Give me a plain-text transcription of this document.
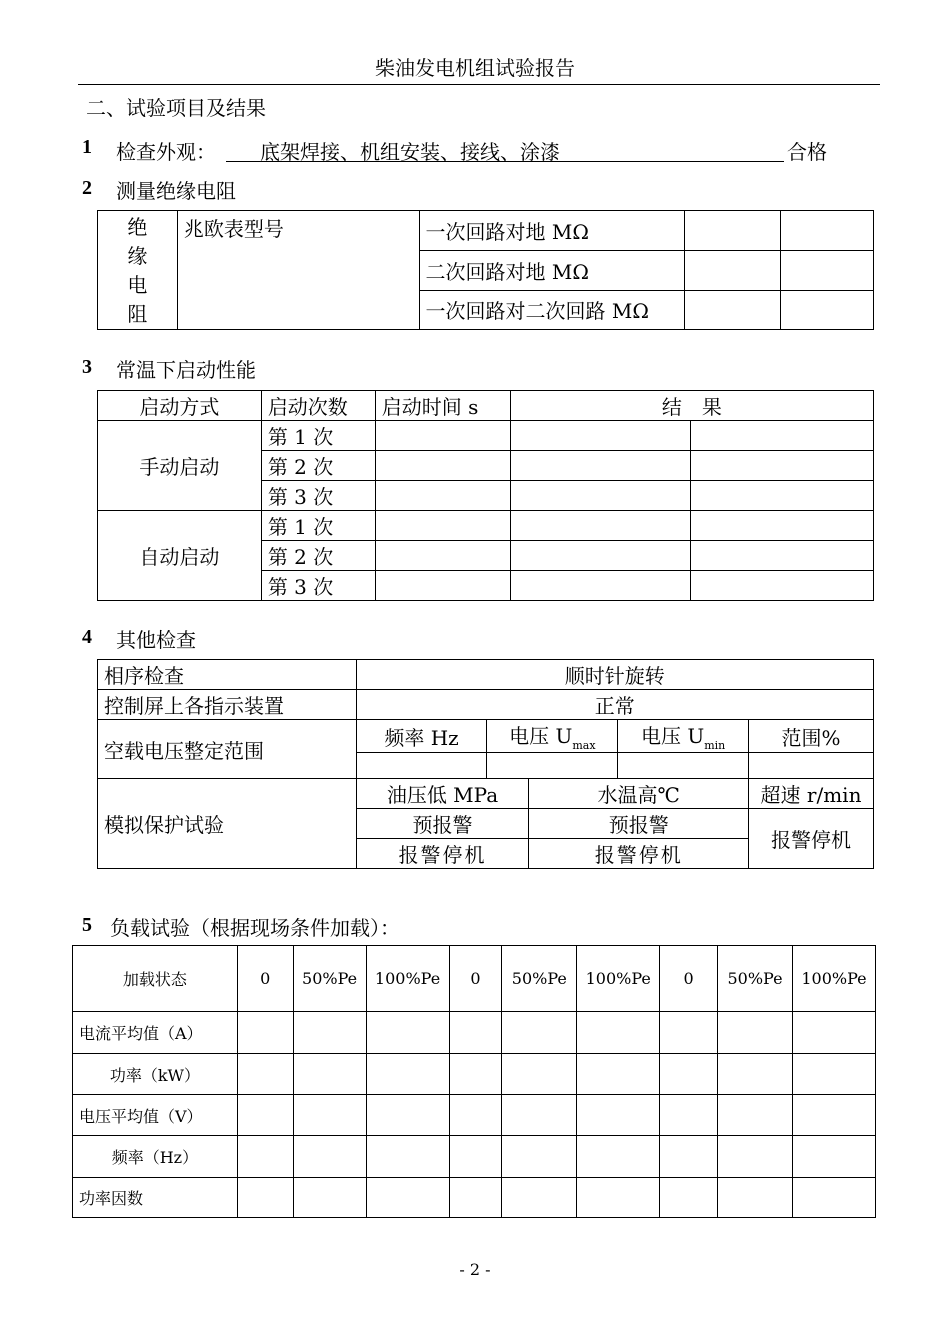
柴油发电机组试验报告
二、试验项目及结果
1 检查外观：	底架焊接、机组安装、接线、涂漆	合格
2 测量绝缘电阻
绝
缘
电
阻	兆欧表型号	一次回路对地 MΩ		
		二次回路对地 MΩ		
		一次回路对二次回路 MΩ		
3 常温下启动性能
启动方式	启动次数	启动时间 s	结　果	
手动启动	第 1 次			
	第 2 次			
	第 3 次			
自动启动	第 1 次			
	第 2 次			
	第 3 次			
4 其他检查
相序检查	顺时针旋转				
控制屏上各指示装置	正常				
空载电压整定范围	频率 Hz	电压 $U_{max}$		电压 $U_{min}$	范围%

模拟保护试验	油压低 MPa		水温高℃		超速 r/min
	预报警		预报警		报警停机
	报警停机		报警停机		
5 负载试验（根据现场条件加载）：
加载状态	0	50%Pe	100%Pe	0	50%Pe	100%Pe	0	50%Pe	100%Pe
电流平均值（A）									
功率（kW）									
电压平均值（V）									
频率（Hz）									
功率因数									
- 2 -
